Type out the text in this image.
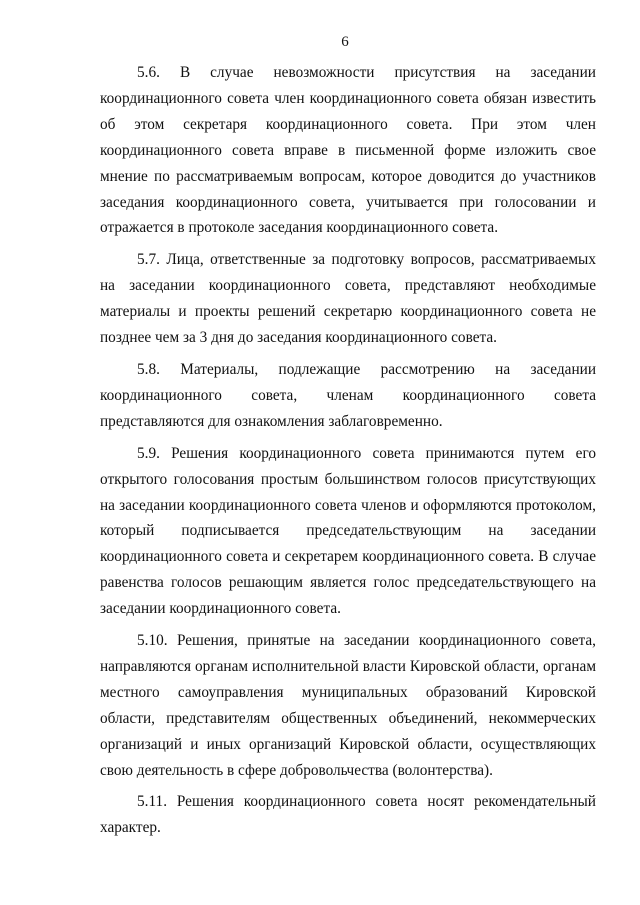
6

5.6. В случае невозможности присутствия на заседании координационного совета член координационного совета обязан известить об этом секретаря координационного совета. При этом член координационного совета вправе в письменной форме изложить свое мнение по рассматриваемым вопросам, которое доводится до участников заседания координационного совета, учитывается при голосовании и отражается в протоколе заседания координационного совета.

5.7. Лица, ответственные за подготовку вопросов, рассматриваемых на заседании координационного совета, представляют необходимые материалы и проекты решений секретарю координационного совета не позднее чем за 3 дня до заседания координационного совета.

5.8. Материалы, подлежащие рассмотрению на заседании координационного совета, членам координационного совета представляются для ознакомления заблаговременно.

5.9. Решения координационного совета принимаются путем его открытого голосования простым большинством голосов присутствующих на заседании координационного совета членов и оформляются протоколом, который подписывается председательствующим на заседании координационного совета и секретарем координационного совета. В случае равенства голосов решающим является голос председательствующего на заседании координационного совета.

5.10. Решения, принятые на заседании координационного совета, направляются органам исполнительной власти Кировской области, органам местного самоуправления муниципальных образований Кировской области, представителям общественных объединений, некоммерческих организаций и иных организаций Кировской области, осуществляющих свою деятельность в сфере добровольчества (волонтерства).

5.11. Решения координационного совета носят рекомендательный характер.
